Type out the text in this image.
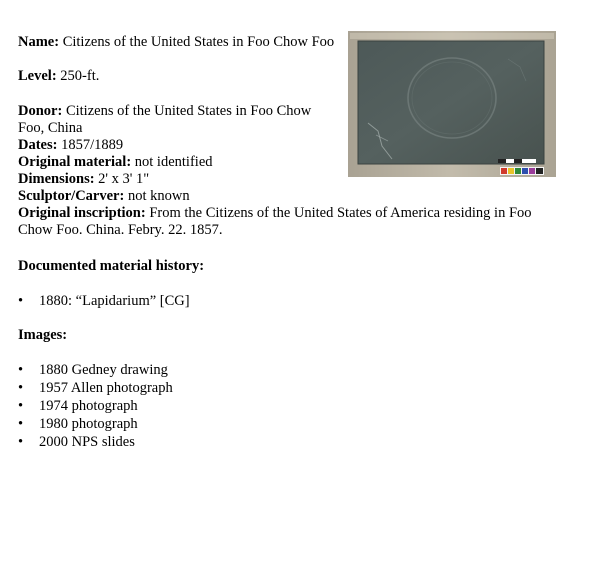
Name: Citizens of the United States in Foo Chow Foo
Level: 250-ft.
Donor: Citizens of the United States in Foo Chow
Foo, China
Dates: 1857/1889
Original material: not identified
Dimensions: 2' x 3' 1"
Sculptor/Carver: not known
Original inscription: From the Citizens of the United States of America residing in Foo
Chow Foo. China. Febry. 22. 1857.
Documented material history:
• 1880: “Lapidarium” [CG]
Images:
• 1880 Gedney drawing
• 1957 Allen photograph
• 1974 photograph
• 1980 photograph
• 2000 NPS slides
